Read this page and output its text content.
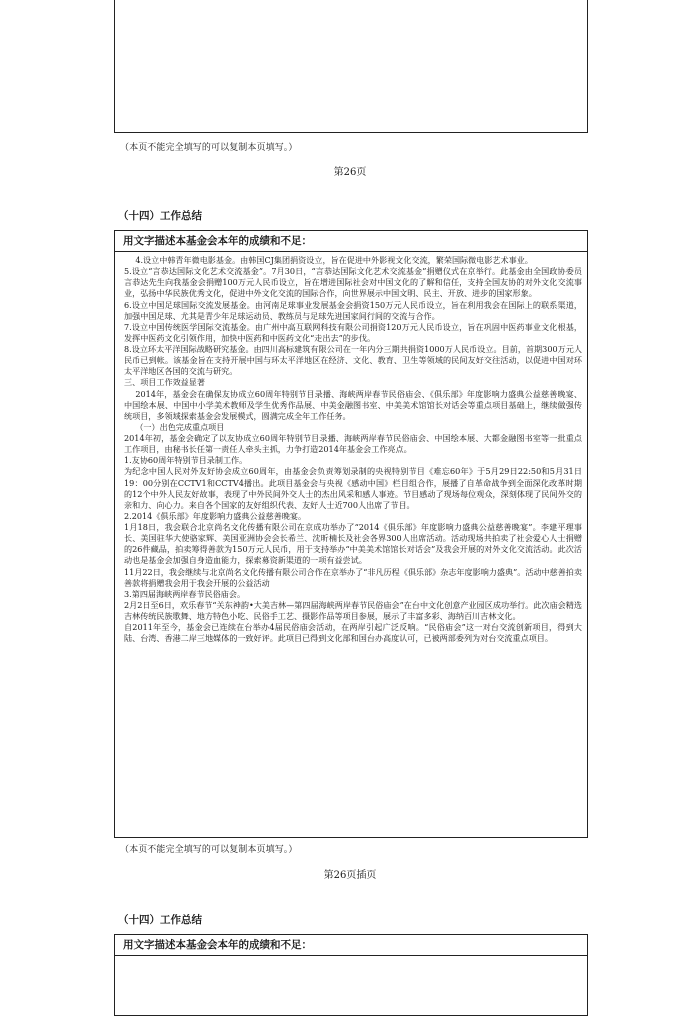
（本页不能完全填写的可以复制本页填写。）
第26页
（十四）工作总结
用文字描述本基金会本年的成绩和不足：

4.设立中韩青年微电影基金。由韩国CJ集团捐资设立，旨在促进中外影视文化交流，繁荣国际微电影艺术事业。

5.设立“言恭达国际文化艺术交流基金”。7月30日，“言恭达国际文化艺术交流基金”捐赠仪式在京举行。此基金由全国政协委员言恭达先生向我基金会捐赠100万元人民币设立，旨在增进国际社会对中国文化的了解和信任，支持全国友协的对外文化交流事业，弘扬中华民族优秀文化，促进中外文化交流的国际合作，向世界展示中国文明、民主、开放、进步的国家形象。

6.设立中国足球国际交流发展基金。由河南足球事业发展基金会捐资150万元人民币设立，旨在利用我会在国际上的联系渠道，加强中国足球、尤其是青少年足球运动员、教练员与足球先进国家间行间的交流与合作。

7.设立中国传统医学国际交流基金。由广州中高互联网科技有限公司捐资120万元人民币设立，旨在巩固中医药事业文化根基，发挥中医药文化引领作用，加快中医药和中医药文化“走出去”的步伐。

8.设立环太平洋国际战略研究基金。由四川高标建筑有限公司在一年内分三期共捐资1000万人民币设立。目前，首期300万元人民币已到帐。该基金旨在支持开展中国与环太平洋地区在经济、文化、教育、卫生等领域的民间友好交往活动，以促进中国对环太平洋地区各国的交流与研究。

三、项目工作效益显著

2014年，基金会在确保友协成立60周年特别节目录播、海峡两岸春节民俗庙会、《俱乐部》年度影响力盛典公益慈善晚宴、中国绘本展、中国中小学美术教师及学生优秀作品展、中美金融图书室、中美美术馆馆长对话会等重点项目基础上，继续做强传统项目，多领域探索基金会发展模式，圆满完成全年工作任务。

（一）出色完成重点项目

2014年初，基金会确定了以友协成立60周年特别节目录播、海峡两岸春节民俗庙会、中国绘本展、大都金融图书室等一批重点工作项目，由秘书长任第一责任人牵头主抓，力争打造2014年基金会工作亮点。

1.友协60周年特别节目录制工作。

为纪念中国人民对外友好协会成立60周年，由基金会负责筹划录制的央视特别节目《难忘60年》于5月29日22:50和5月31日19：00分别在CCTV1和CCTV4播出。此项目基金会与央视《感动中国》栏目组合作，展播了自革命战争到全面深化改革时期的12个中外人民友好故事，表现了中外民间外交人士的杰出风采和感人事迹。节目感动了现场每位观众，深刻体现了民间外交的亲和力、向心力。来自各个国家的友好组织代表、友好人士近700人出席了节目。

2.2014《俱乐部》年度影响力盛典公益慈善晚宴。

1月18日，我会联合北京尚名文化传播有限公司在京成功举办了“2014《俱乐部》年度影响力盛典公益慈善晚宴”。李建平理事长、美国驻华大使骆家辉、美国亚洲协会会长希兰、沈昕楠长及社会各界300人出席活动。活动现场共拍卖了社会爱心人士捐赠的26件藏品，拍卖筹得善款为150万元人民币，用于支持举办“中美美术馆馆长对话会”及我会开展的对外文化交流活动。此次活动也是基金会加强自身造血能力，探索募资新渠道的一项有益尝试。

11月22日，我会继续与北京尚名文化传播有限公司合作在京举办了“非凡历程《俱乐部》杂志年度影响力盛典”。活动中慈善拍卖善款将捐赠我会用于我会开展的公益活动

3.第四届海峡两岸春节民俗庙会。

2月2日至6日，欢乐春节“关东神韵•大美吉林—第四届海峡两岸春节民俗庙会”在台中文化创意产业园区成功举行。此次庙会精选吉林传统民族歌舞、地方特色小吃、民俗手工艺、摄影作品等项目参展，展示了丰富多彩、海纳百川吉林文化。

自2011年至今，基金会已连续在台举办4届民俗庙会活动，在两岸引起广泛反响。“民俗庙会”这一对台交流创新项目，得到大陆、台湾、香港二岸三地媒体的一致好评。此项目已得到文化部和国台办高度认可，已被两部委列为对台交流重点项目。

（本页不能完全填写的可以复制本页填写。）
第26页插页
（十四）工作总结
用文字描述本基金会本年的成绩和不足：
